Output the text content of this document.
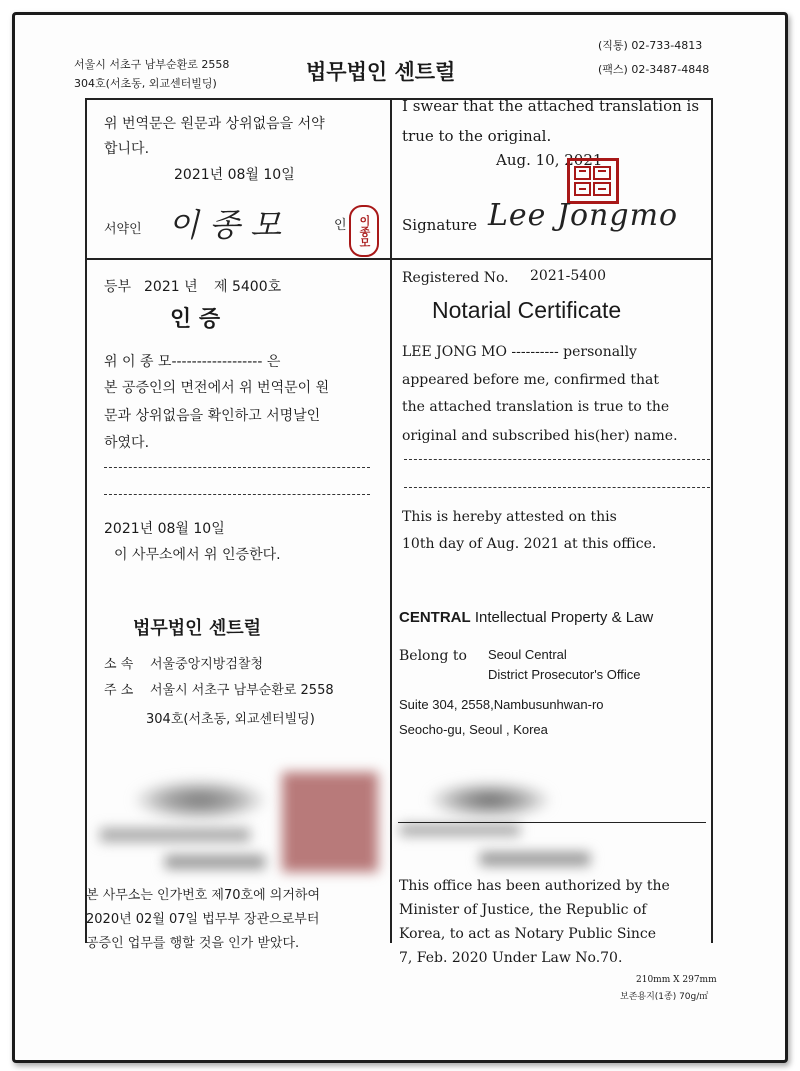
서울시 서초구 남부순환로 2558
304호(서초동, 외교센터빌딩)	법무법인 센트럴
(직통) 02-733-4813
(팩스) 02-3487-4848
위 번역문은 원문과 상위없음을 서약
합니다.
2021년 08월 10일
서약인 이 종 모	인 이종모
I swear that the attached translation is
true to the original.
Aug. 10, 2021
Signature Lee Jongmo
등부 2021 년 제 5400호
Registered No. 2021-5400
인 증	Notarial Certificate
위 이 종 모------------------ 은
본 공증인의 면전에서 위 번역문이 원
문과 상위없음을 확인하고 서명날인
하였다.
LEE JONG MO ---------- personally
appeared before me, confirmed that
the attached translation is true to the
original and subscribed his(her) name.
2021년 08월 10일
이 사무소에서 위 인증한다.
This is hereby attested on this
10th day of Aug. 2021 at this office.
법무법인 센트럴
소 속 서울중앙지방검찰청
주 소 서울시 서초구 남부순환로 2558
304호(서초동, 외교센터빌딩)
CENTRAL Intellectual Property & Law
Belong to Seoul Central
District Prosecutor's Office
Suite 304, 2558,Nambusunhwan-ro
Seocho-gu, Seoul , Korea
본 사무소는 인가번호 제70호에 의거하여
2020년 02월 07일 법무부 장관으로부터
공증인 업무를 행할 것을 인가 받았다.
This office has been authorized by the
Minister of Justice, the Republic of
Korea, to act as Notary Public Since
7, Feb. 2020 Under Law No.70.
210mm X 297mm
보존용지(1종) 70g/㎡
